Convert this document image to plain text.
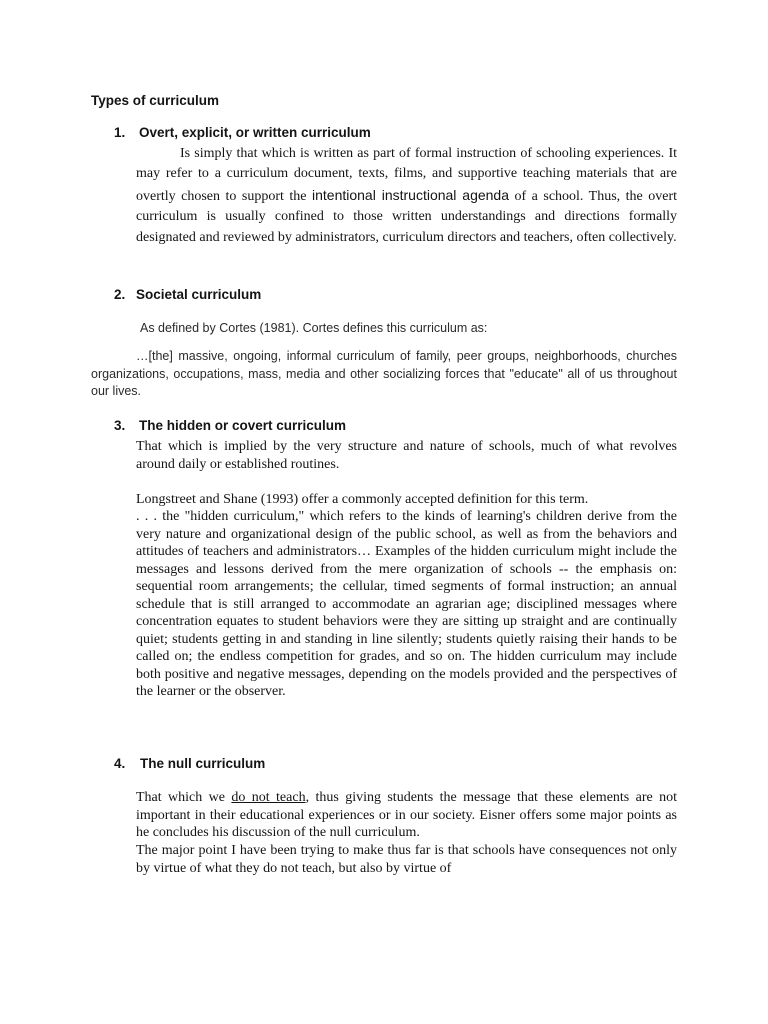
Types of curriculum
1. Overt, explicit, or written curriculum
Is simply that which is written as part of formal instruction of schooling experiences. It may refer to a curriculum document, texts, films, and supportive teaching materials that are overtly chosen to support the intentional instructional agenda of a school. Thus, the overt curriculum is usually confined to those written understandings and directions formally designated and reviewed by administrators, curriculum directors and teachers, often collectively.
2. Societal curriculum
As defined by Cortes (1981). Cortes defines this curriculum as:
…[the] massive, ongoing, informal curriculum of family, peer groups, neighborhoods, churches organizations, occupations, mass, media and other socializing forces that "educate" all of us throughout our lives.
3. The hidden or covert curriculum
That which is implied by the very structure and nature of schools, much of what revolves around daily or established routines.
Longstreet and Shane (1993) offer a commonly accepted definition for this term.
. . . the "hidden curriculum," which refers to the kinds of learning's children derive from the very nature and organizational design of the public school, as well as from the behaviors and attitudes of teachers and administrators… Examples of the hidden curriculum might include the messages and lessons derived from the mere organization of schools -- the emphasis on: sequential room arrangements; the cellular, timed segments of formal instruction; an annual schedule that is still arranged to accommodate an agrarian age; disciplined messages where concentration equates to student behaviors were they are sitting up straight and are continually quiet; students getting in and standing in line silently; students quietly raising their hands to be called on; the endless competition for grades, and so on. The hidden curriculum may include both positive and negative messages, depending on the models provided and the perspectives of the learner or the observer.
4. The null curriculum
That which we do not teach, thus giving students the message that these elements are not important in their educational experiences or in our society. Eisner offers some major points as he concludes his discussion of the null curriculum.
The major point I have been trying to make thus far is that schools have consequences not only by virtue of what they do not teach, but also by virtue of
